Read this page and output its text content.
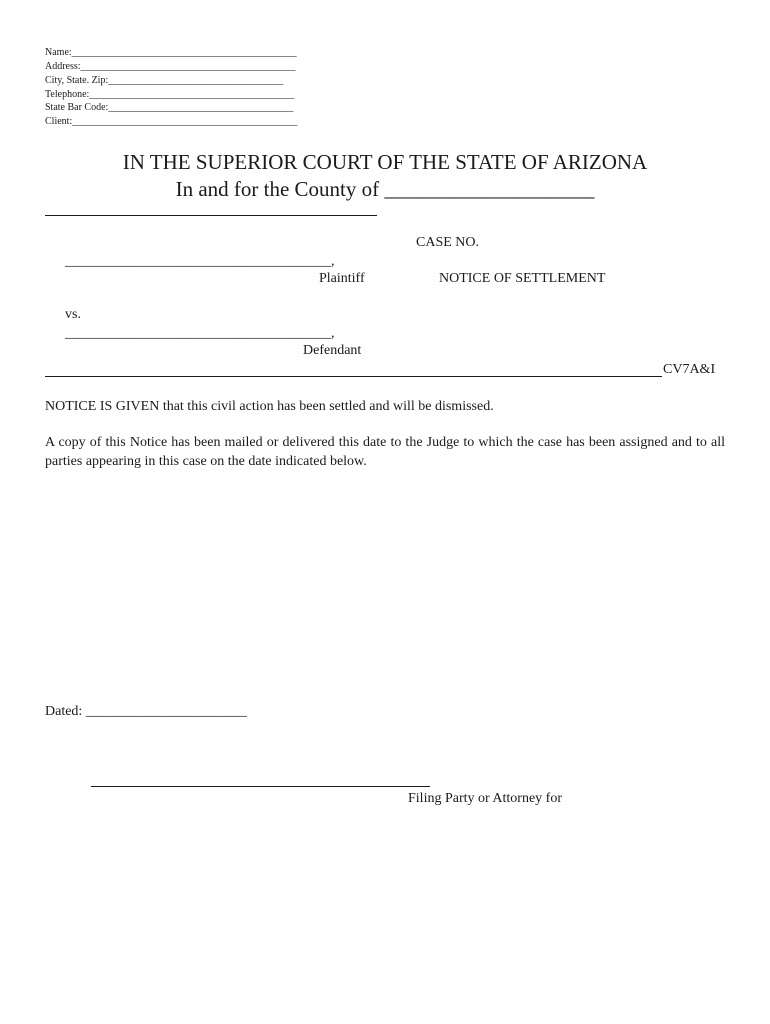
Name:_____________________________________________
Address:___________________________________________
City, State. Zip:___________________________________
Telephone:_________________________________________
State Bar Code:_____________________________________
Client:_____________________________________________
IN THE SUPERIOR COURT OF THE STATE OF ARIZONA
In and for the County of ____________________
CASE NO.
______________________________________,
Plaintiff	NOTICE OF SETTLEMENT
vs.
______________________________________,
Defendant
CV7A&I
NOTICE IS GIVEN that this civil action has been settled and will be dismissed.
A copy of this Notice has been mailed or delivered this date to the Judge to which the case has been assigned and to all parties appearing in this case on the date indicated below.
Dated: _______________________
Filing Party or Attorney for
